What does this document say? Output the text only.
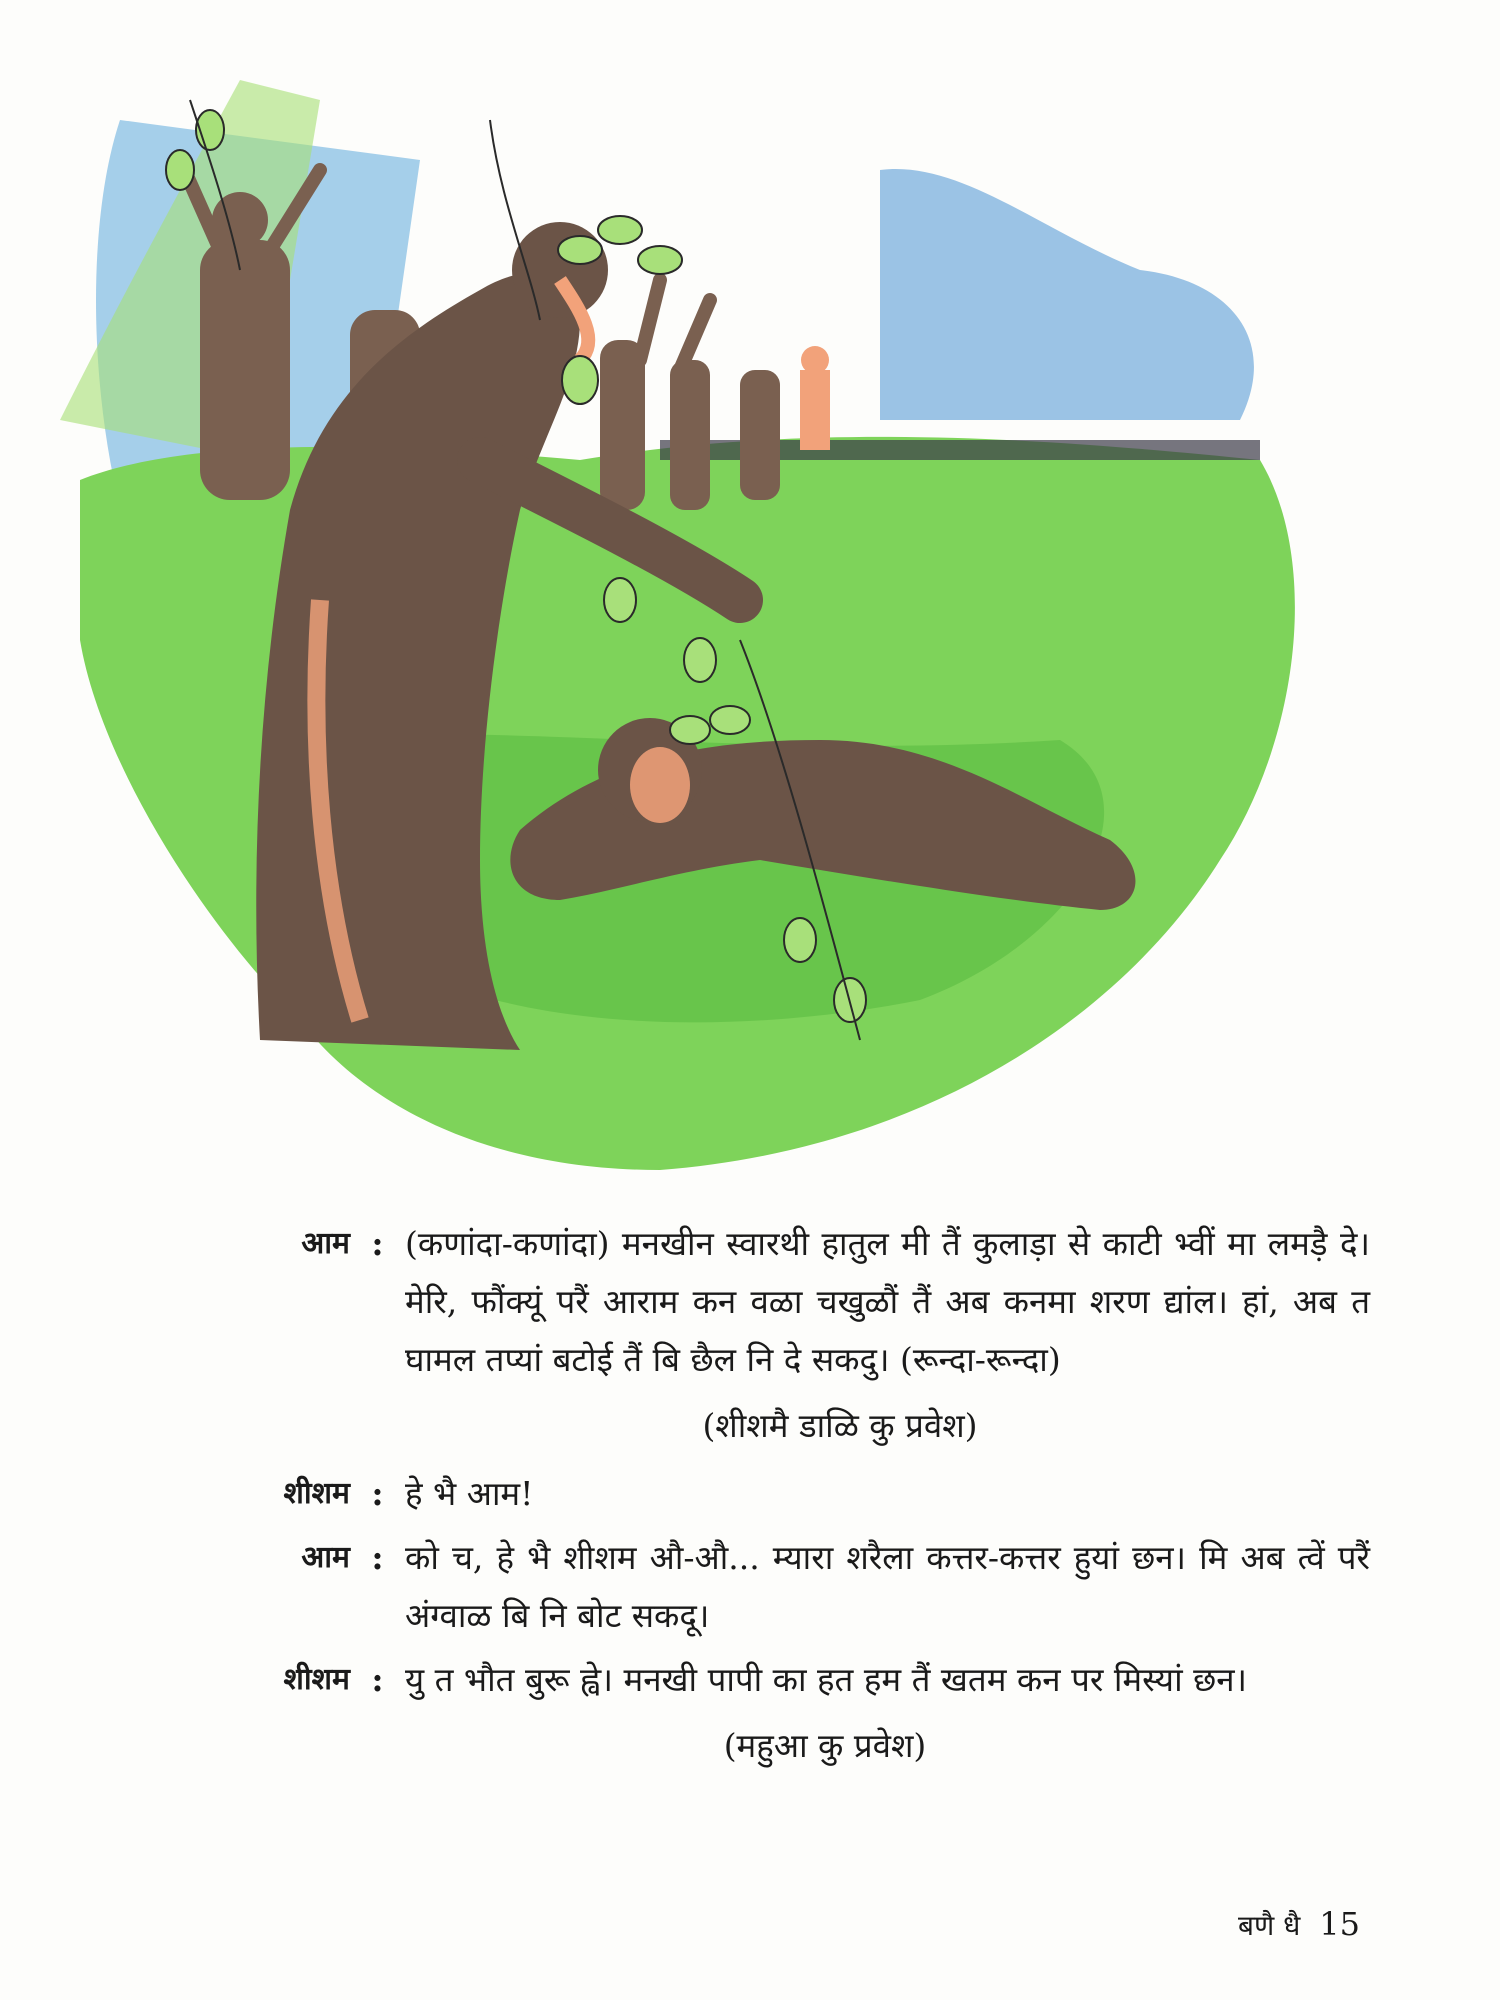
आम : (कणांदा-कणांदा) मनखीन स्वारथी हातुल मी तैं कुलाड़ा से काटी भ्वीं मा लमडै़ दे। मेरि, फौंक्यूं परैं आराम कन वळा चखुळौं तैं अब कनमा शरण द्यांल। हां, अब त घामल तप्यां बटोई तैं बि छैल नि दे सकदु। (रून्दा-रून्दा)
(शीशमै डाळि कु प्रवेश)
शीशम : हे भै आम!
आम : को च, हे भै शीशम औ-औ... म्यारा शरैला कत्तर-कत्तर हुयां छन। मि अब त्वें परैं अंग्वाळ बि नि बोट सकदू।
शीशम : यु त भौत बुरू ह्वे। मनखी पापी का हत हम तैं खतम कन पर मिस्यां छन।
(महुआ कु प्रवेश)
बणै धै 15
